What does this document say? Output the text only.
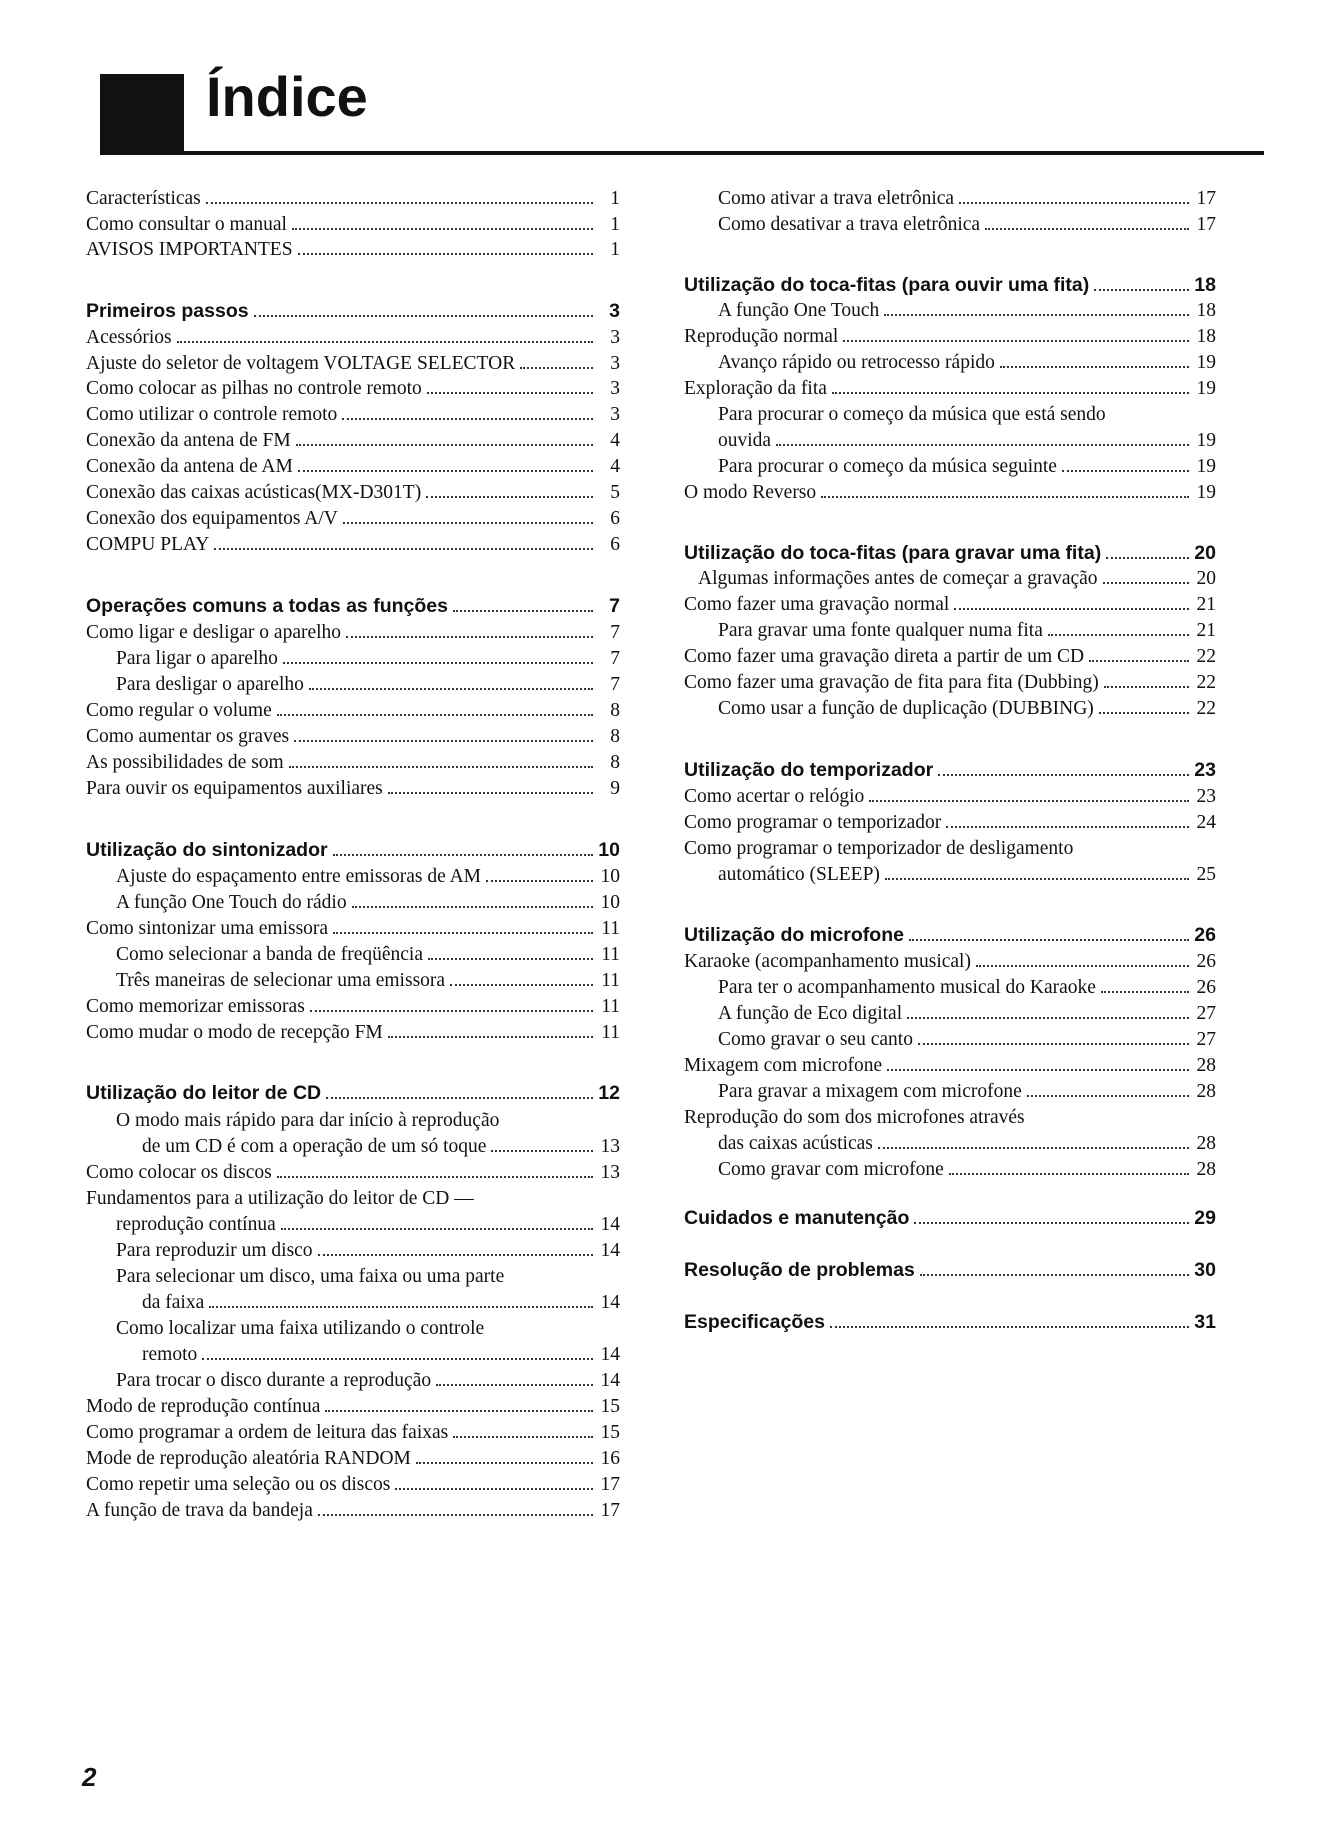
Índice
Características	1
Como consultar o manual	1
AVISOS IMPORTANTES	1
Primeiros passos	3
Acessórios	3
Ajuste do seletor de voltagem VOLTAGE SELECTOR	3
Como colocar as pilhas no controle remoto	3
Como utilizar o controle remoto	3
Conexão da antena de FM	4
Conexão da antena de AM	4
Conexão das caixas acústicas(MX-D301T)	5
Conexão dos equipamentos A/V	6
COMPU PLAY	6
Operações comuns a todas as funções	7
Como ligar e desligar o aparelho	7
Para ligar o aparelho	7
Para desligar o aparelho	7
Como regular o volume	8
Como aumentar os graves	8
As possibilidades de som	8
Para ouvir os equipamentos auxiliares	9
Utilização do sintonizador	10
Ajuste do espaçamento entre emissoras de AM	10
A função One Touch do rádio	10
Como sintonizar uma emissora	11
Como selecionar a banda de freqüência	11
Três maneiras de selecionar uma emissora	11
Como memorizar emissoras	11
Como mudar o modo de recepção FM	11
Utilização do leitor de CD	12
O modo mais rápido para dar início à reprodução
de um CD é com a operação de um só toque	13
Como colocar os discos	13
Fundamentos para a utilização do leitor de CD —
reprodução contínua	14
Para reproduzir um disco	14
Para selecionar um disco, uma faixa ou uma parte
da faixa	14
Como localizar uma faixa utilizando o controle
remoto	14
Para trocar o disco durante a reprodução	14
Modo de reprodução contínua	15
Como programar a ordem de leitura das faixas	15
Mode de reprodução aleatória RANDOM	16
Como repetir uma seleção ou os discos	17
A função de trava da bandeja	17
Como ativar a trava eletrônica	17
Como desativar a trava eletrônica	17
Utilização do toca-fitas (para ouvir uma fita)	18
A função One Touch	18
Reprodução normal	18
Avanço rápido ou retrocesso rápido	19
Exploração da fita	19
Para procurar o começo da música que está sendo
ouvida	19
Para procurar o começo da música seguinte	19
O modo Reverso	19
Utilização do toca-fitas (para gravar uma fita)	20
Algumas informações antes de começar a gravação	20
Como fazer uma gravação normal	21
Para gravar uma fonte qualquer numa fita	21
Como fazer uma gravação direta a partir de um CD	22
Como fazer uma gravação de fita para fita (Dubbing)	22
Como usar a função de duplicação (DUBBING)	22
Utilização do temporizador	23
Como acertar o relógio	23
Como programar o temporizador	24
Como programar o temporizador de desligamento
automático (SLEEP)	25
Utilização do microfone	26
Karaoke (acompanhamento musical)	26
Para ter o acompanhamento musical do Karaoke	26
A função de Eco digital	27
Como gravar o seu canto	27
Mixagem com microfone	28
Para gravar a mixagem com microfone	28
Reprodução do som dos microfones através
das caixas acústicas	28
Como gravar com microfone	28
Cuidados e manutenção	29
Resolução de problemas	30
Especificações	31
2
